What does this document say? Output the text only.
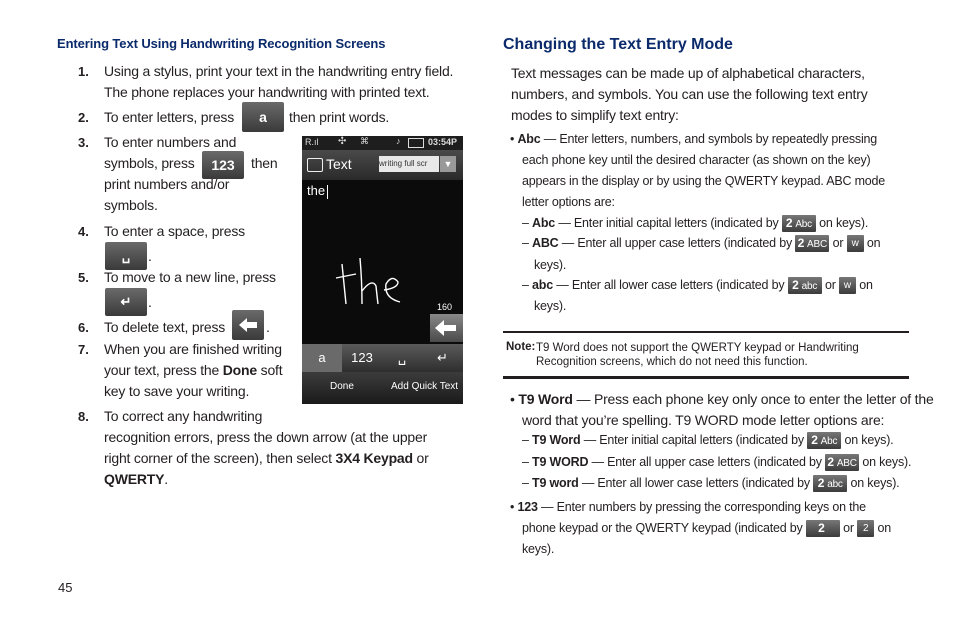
Entering Text Using Handwriting Recognition Screens
1. Using a stylus, print your text in the handwriting entry field.
The phone replaces your handwriting with printed text.
2. To enter letters, press	a	then print words.
3. To enter numbers and
symbols, press	123	then
print numbers and/or
symbols.
4. To enter a space, press
␣	.
5. To move to a new line, press
↵	.
6. To delete text, press	.
7. When you are finished writing
your text, press the Done soft
key to save your writing.
8. To correct any handwriting
recognition errors, press the down arrow (at the upper
right corner of the screen), then select 3X4 Keypad or
QWERTY.
R.ıl ✣ ⌘	♪	03:54P
Text	writing full scr	▼
the
160
a	123	␣	↵
Done	Add Quick Text
Changing the Text Entry Mode
Text messages can be made up of alphabetical characters,
numbers, and symbols. You can use the following text entry
modes to simplify text entry:
• Abc — Enter letters, numbers, and symbols by repeatedly pressing
each phone key until the desired character (as shown on the key)
appears in the display or by using the QWERTY keypad. ABC mode
letter options are:
– Abc — Enter initial capital letters (indicated by 2 Abc on keys).
– ABC — Enter all upper case letters (indicated by 2 ABC or w on
keys).
– abc — Enter all lower case letters (indicated by 2 abc or w on
keys).
Note: T9 Word does not support the QWERTY keypad or Handwriting
Recognition screens, which do not need this function.
• T9 Word — Press each phone key only once to enter the letter of the
word that you’re spelling. T9 WORD mode letter options are:
– T9 Word — Enter initial capital letters (indicated by 2 Abc on keys).
– T9 WORD — Enter all upper case letters (indicated by 2 ABC on keys).
– T9 word — Enter all lower case letters (indicated by 2 abc on keys).
• 123 — Enter numbers by pressing the corresponding keys on the
phone keypad or the QWERTY keypad (indicated by 2 or 2 on
keys).
45
